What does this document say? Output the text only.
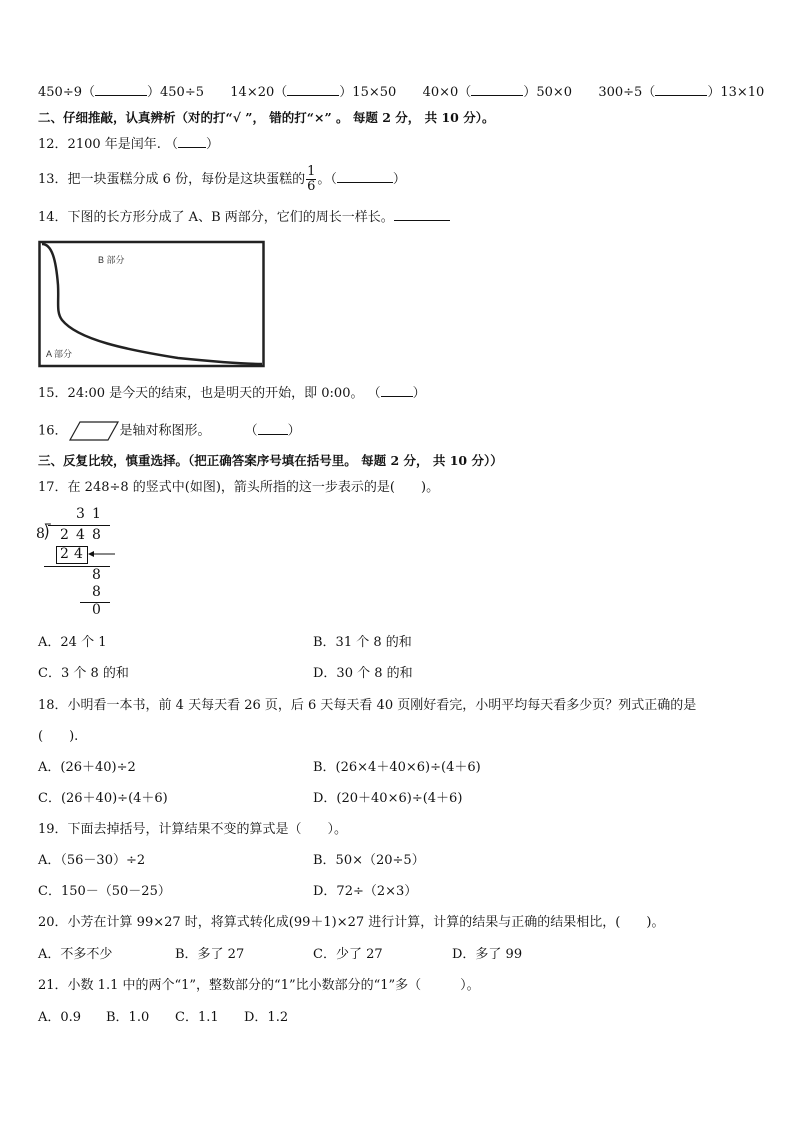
450÷9（	）450÷5 14×20（	）15×50 40×0（	）50×0 300÷5（	）13×10
二、仔细推敲，认真辨析（对的打“√ ”， 错的打“×” 。 每题 2 分， 共 10 分）。
12．2100 年是闰年. （ ）
13．把一块蛋糕分成 6 份，每份是这块蛋糕的 $\frac{1}{6}$ 。（	）
14．下图的长方形分成了 A、B 两部分，它们的周长一样长。
B 部分
A 部分
15．24:00 是今天的结束，也是明天的开始，即 0:00。 （ ）
16．	是轴对称图形。	（ ）
三、反复比较，慎重选择。（把正确答案序号填在括号里。 每题 2 分， 共 10 分））
17．在 248÷8 的竖式中(如图)，箭头所指的这一步表示的是(　　)。
3 1
8 ⟌ 2 4 8
2 4
8
8
0
A．24 个 1	B．31 个 8 的和
C．3 个 8 的和	D．30 个 8 的和
18．小明看一本书，前 4 天每天看 26 页，后 6 天每天看 40 页刚好看完，小明平均每天看多少页？列式正确的是
(　　).
A．(26＋40)÷2	B．(26×4＋40×6)÷(4＋6)
C．(26＋40)÷(4＋6)	D．(20＋40×6)÷(4＋6)
19．下面去掉括号，计算结果不变的算式是（　　）。
A．（56－30）÷2	B．50×（20÷5）
C．150－（50－25）	D．72÷（2×3）
20．小芳在计算 99×27 时，将算式转化成(99＋1)×27 进行计算，计算的结果与正确的结果相比，(　　)。
A．不多不少	B．多了 27	C．少了 27	D．多了 99
21．小数 1.1 中的两个“1”，整数部分的“1”比小数部分的“1”多（　　　）。
A．0.9 B．1.0 C．1.1 D．1.2
